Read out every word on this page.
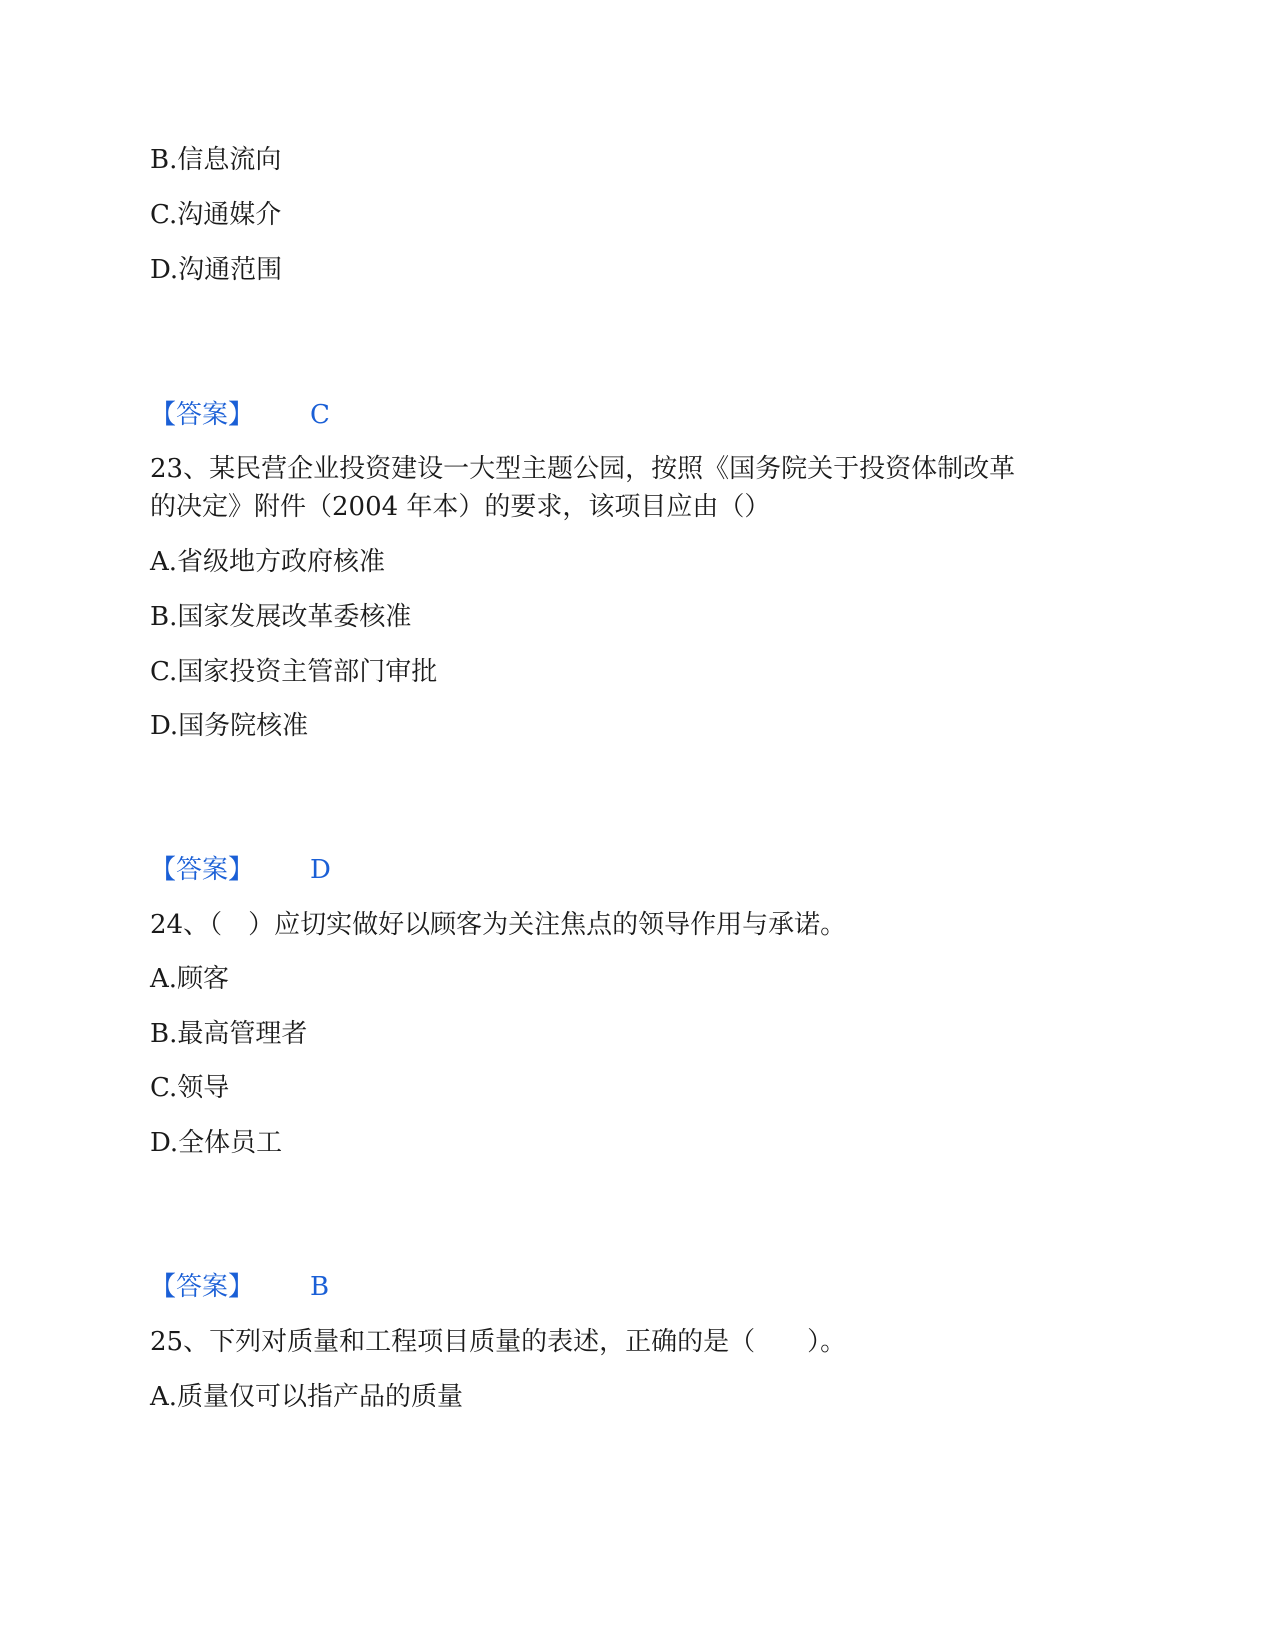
B.信息流向
C.沟通媒介
D.沟通范围
【答案】 C
23、某民营企业投资建设一大型主题公园，按照《国务院关于投资体制改革
的决定》附件（2004 年本）的要求，该项目应由（）
A.省级地方政府核准
B.国家发展改革委核准
C.国家投资主管部门审批
D.国务院核准
【答案】 D
24、（　）应切实做好以顾客为关注焦点的领导作用与承诺。
A.顾客
B.最高管理者
C.领导
D.全体员工
【答案】 B
25、下列对质量和工程项目质量的表述，正确的是（　　）。
A.质量仅可以指产品的质量
